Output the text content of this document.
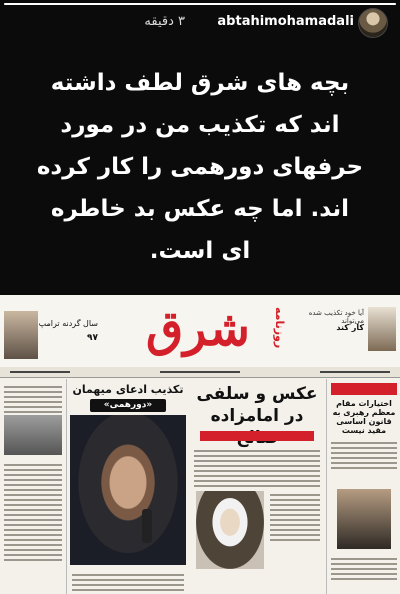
abtahimohamadali
۳ دقیقه
بچه های شرق لطف داشته
اند که تکذیب من در مورد
حرفهای دورهمی را کار کرده
اند. اما چه عکس بد خاطره
ای است.
سال گردنه ترامپ
۹۷	شرق	روزنامه	آیا خود تکذیب شده می‌تواند
کار کند
تکذیب ادعای میهمان
«دورهمی»
عکس و سلفی
در امامزاده
اختیارات مقام معظم رهبری به قانون اساسی مقید نیست
